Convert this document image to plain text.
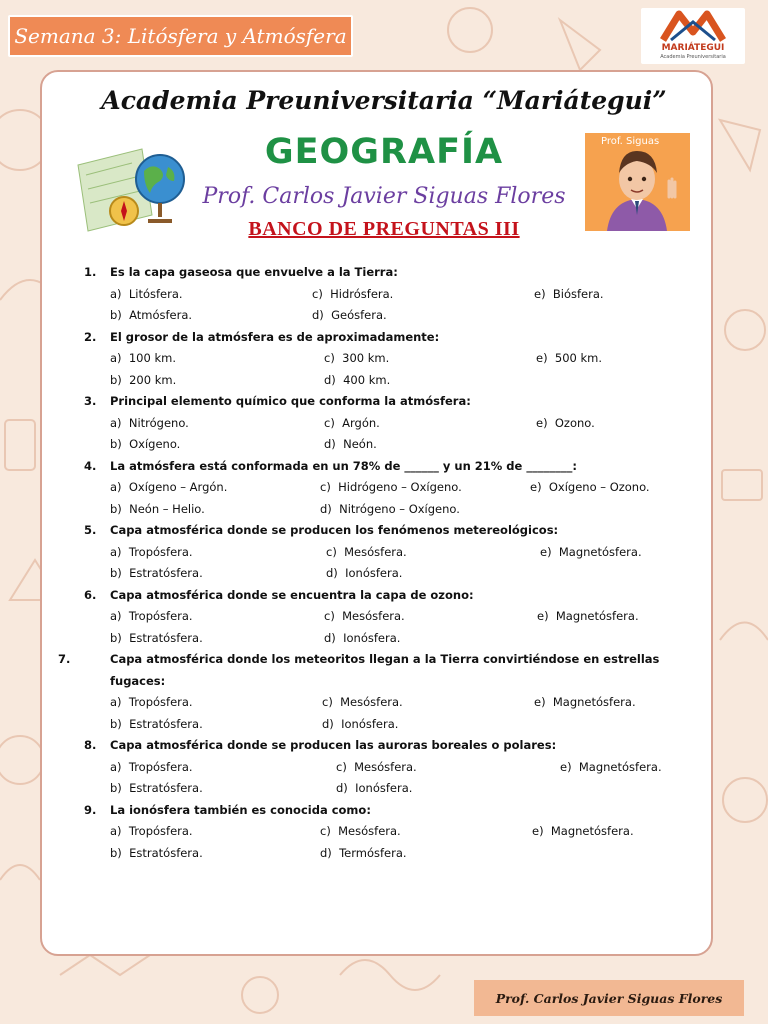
Semana 3: Litósfera y Atmósfera	MARIÁTEGUI
Academia Preuniversitaria
Academia Preuniversitaria “Mariátegui”
GEOGRAFÍA
Prof. Carlos Javier Siguas Flores
BANCO DE PREGUNTAS III
Prof. Siguas
1. Es la capa gaseosa que envuelve a la Tierra:
a) Litósfera.	c) Hidrósfera.	e) Biósfera.
b) Atmósfera.	d) Geósfera.
2. El grosor de la atmósfera es de aproximadamente:
a) 100 km.	c) 300 km.	e) 500 km.
b) 200 km.	d) 400 km.
3. Principal elemento químico que conforma la atmósfera:
a) Nitrógeno.	c) Argón.	e) Ozono.
b) Oxígeno.	d) Neón.
4. La atmósfera está conformada en un 78% de ______ y un 21% de ________:
a) Oxígeno – Argón.	c) Hidrógeno – Oxígeno.	e) Oxígeno – Ozono.
b) Neón – Helio.	d) Nitrógeno – Oxígeno.
5. Capa atmosférica donde se producen los fenómenos metereológicos:
a) Tropósfera.	c) Mesósfera.	e) Magnetósfera.
b) Estratósfera.	d) Ionósfera.
6. Capa atmosférica donde se encuentra la capa de ozono:
a) Tropósfera.	c) Mesósfera.	e) Magnetósfera.
b) Estratósfera.	d) Ionósfera.
7.	Capa atmosférica donde los meteoritos llegan a la Tierra convirtiéndose en estrellas fugaces:
a) Tropósfera.	c) Mesósfera.	e) Magnetósfera.
b) Estratósfera.	d) Ionósfera.
8. Capa atmosférica donde se producen las auroras boreales o polares:
a) Tropósfera.	c) Mesósfera.	e) Magnetósfera.
b) Estratósfera.	d) Ionósfera.
9. La ionósfera también es conocida como:
a) Tropósfera.	c) Mesósfera.	e) Magnetósfera.
b) Estratósfera.	d) Termósfera.
Prof. Carlos Javier Siguas Flores
